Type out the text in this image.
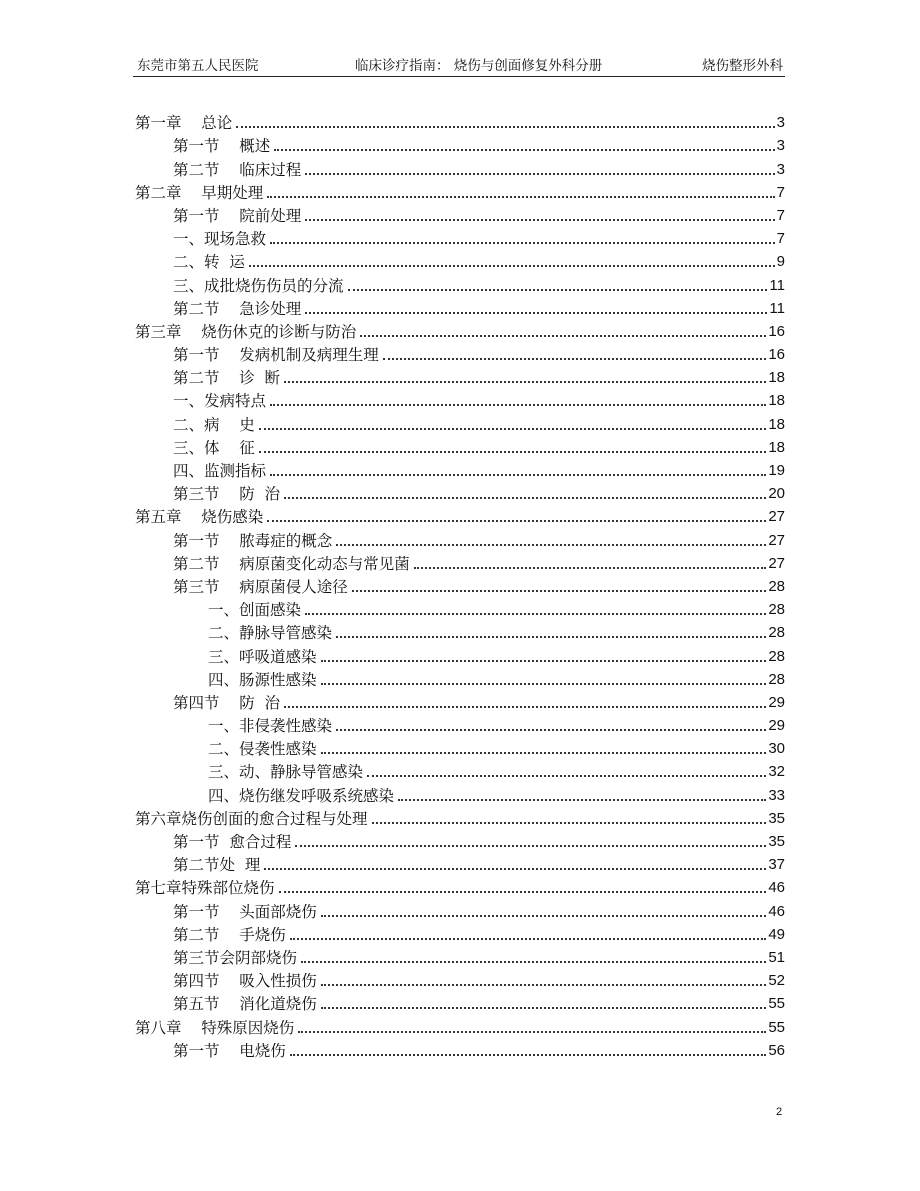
东莞市第五人民医院	临床诊疗指南： 烧伤与创面修复外科分册	烧伤整形外科
第一章    总论	3
第一节    概述	3
第二节    临床过程	3
第二章    早期处理	7
第一节    院前处理	7
一、现场急救	7
二、转  运	9
三、成批烧伤伤员的分流	11
第二节    急诊处理	11
第三章    烧伤休克的诊断与防治	16
第一节    发病机制及病理生理	16
第二节    诊  断	18
一、发病特点	18
二、病    史	18
三、体    征	18
四、监测指标	19
第三节    防  治	20
第五章    烧伤感染	27
第一节    脓毒症的概念	27
第二节    病原菌变化动态与常见菌	27
第三节    病原菌侵人途径	28
一、创面感染	28
二、静脉导管感染	28
三、呼吸道感染	28
四、肠源性感染	28
第四节    防  治	29
一、非侵袭性感染	29
二、侵袭性感染	30
三、动、静脉导管感染	32
四、烧伤继发呼吸系统感染	33
第六章烧伤创面的愈合过程与处理	35
第一节  愈合过程	35
第二节处  理	37
第七章特殊部位烧伤	46
第一节    头面部烧伤	46
第二节    手烧伤	49
第三节会阴部烧伤	51
第四节    吸入性损伤	52
第五节    消化道烧伤	55
第八章    特殊原因烧伤	55
第一节    电烧伤	56
2
